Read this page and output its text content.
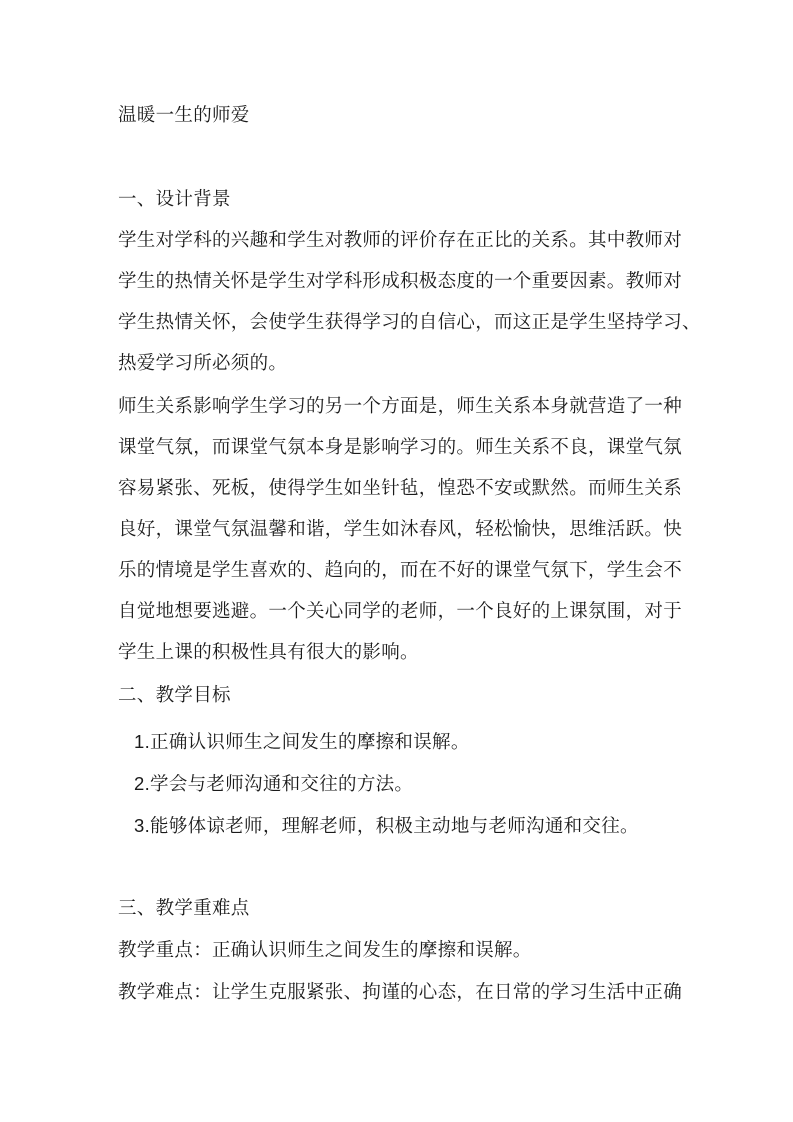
温暖一生的师爱
一、设计背景
学生对学科的兴趣和学生对教师的评价存在正比的关系。其中教师对
学生的热情关怀是学生对学科形成积极态度的一个重要因素。教师对
学生热情关怀，会使学生获得学习的自信心，而这正是学生坚持学习、
热爱学习所必须的。
师生关系影响学生学习的另一个方面是，师生关系本身就营造了一种
课堂气氛，而课堂气氛本身是影响学习的。师生关系不良，课堂气氛
容易紧张、死板，使得学生如坐针毡，惶恐不安或默然。而师生关系
良好，课堂气氛温馨和谐，学生如沐春风，轻松愉快，思维活跃。快
乐的情境是学生喜欢的、趋向的，而在不好的课堂气氛下，学生会不
自觉地想要逃避。一个关心同学的老师，一个良好的上课氛围，对于
学生上课的积极性具有很大的影响。
二、教学目标
1.正确认识师生之间发生的摩擦和误解。
2.学会与老师沟通和交往的方法。
3.能够体谅老师，理解老师，积极主动地与老师沟通和交往。
三、教学重难点
教学重点：正确认识师生之间发生的摩擦和误解。
教学难点：让学生克服紧张、拘谨的心态，在日常的学习生活中正确
